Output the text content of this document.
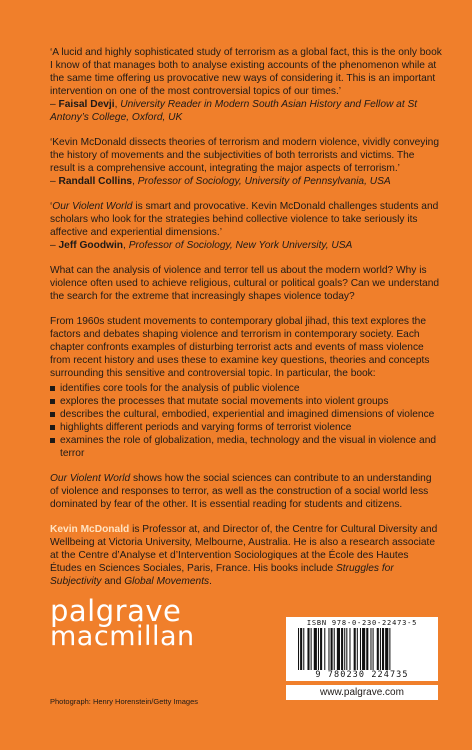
‘A lucid and highly sophisticated study of terrorism as a global fact, this is the only book I know of that manages both to analyse existing accounts of the phenomenon while at the same time offering us provocative new ways of considering it. This is an important intervention on one of the most controversial topics of our times.’
– Faisal Devji, University Reader in Modern South Asian History and Fellow at St Antony’s College, Oxford, UK
‘Kevin McDonald dissects theories of terrorism and modern violence, vividly conveying the history of movements and the subjectivities of both terrorists and victims. The result is a comprehensive account, integrating the major aspects of terrorism.’
– Randall Collins, Professor of Sociology, University of Pennsylvania, USA
‘Our Violent World is smart and provocative. Kevin McDonald challenges students and scholars who look for the strategies behind collective violence to take seriously its affective and experiential dimensions.’
– Jeff Goodwin, Professor of Sociology, New York University, USA
What can the analysis of violence and terror tell us about the modern world? Why is violence often used to achieve religious, cultural or political goals? Can we understand the search for the extreme that increasingly shapes violence today?
From 1960s student movements to contemporary global jihad, this text explores the factors and debates shaping violence and terrorism in contemporary society. Each chapter confronts examples of disturbing terrorist acts and events of mass violence from recent history and uses these to examine key questions, theories and concepts surrounding this sensitive and controversial topic. In particular, the book:
identifies core tools for the analysis of public violence
explores the processes that mutate social movements into violent groups
describes the cultural, embodied, experiential and imagined dimensions of violence
highlights different periods and varying forms of terrorist violence
examines the role of globalization, media, technology and the visual in violence and terror
Our Violent World shows how the social sciences can contribute to an understanding of violence and responses to terror, as well as the construction of a social world less dominated by fear of the other. It is essential reading for students and citizens.
Kevin McDonald is Professor at, and Director of, the Centre for Cultural Diversity and Wellbeing at Victoria University, Melbourne, Australia. He is also a research associate at the Centre d’Analyse et d’Intervention Sociologiques at the École des Hautes Études en Sciences Sociales, Paris, France. His books include Struggles for Subjectivity and Global Movements.
palgrave
macmillan	ISBN 978-0-230-22473-5
9 780230 224735
www.palgrave.com
Photograph: Henry Horenstein/Getty Images
